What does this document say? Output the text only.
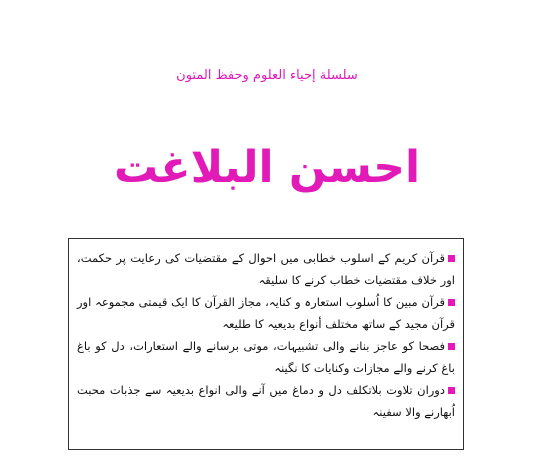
سلسلة إحياء العلوم وحفظ المتون
احسن البلاغت

قرآن کریم کے اسلوب خطابی میں احوال کے مقتضیات کی رعایت پر حکمت، اور خلاف مقتضیات خطاب کرنے کا سلیقہ

قرآن مبین کا اُسلوب استعارہ و کنایہ، مجاز القرآن کا ایک قیمتی مجموعہ اور قرآن مجید کے ساتھ مختلف أنواع بدیعیہ کا طلیعہ

فصحا کو عاجز بنانے والی تشبیہات، موتی برسانے والے استعارات، دل کو باغ باغ کرنے والے مجازات وکنایات کا نگینہ

دوران تلاوت بلاتکلف دل و دماغ میں آنے والی انواع بدیعیہ سے جذبات محبت اُبھارنے والا سفینہ
